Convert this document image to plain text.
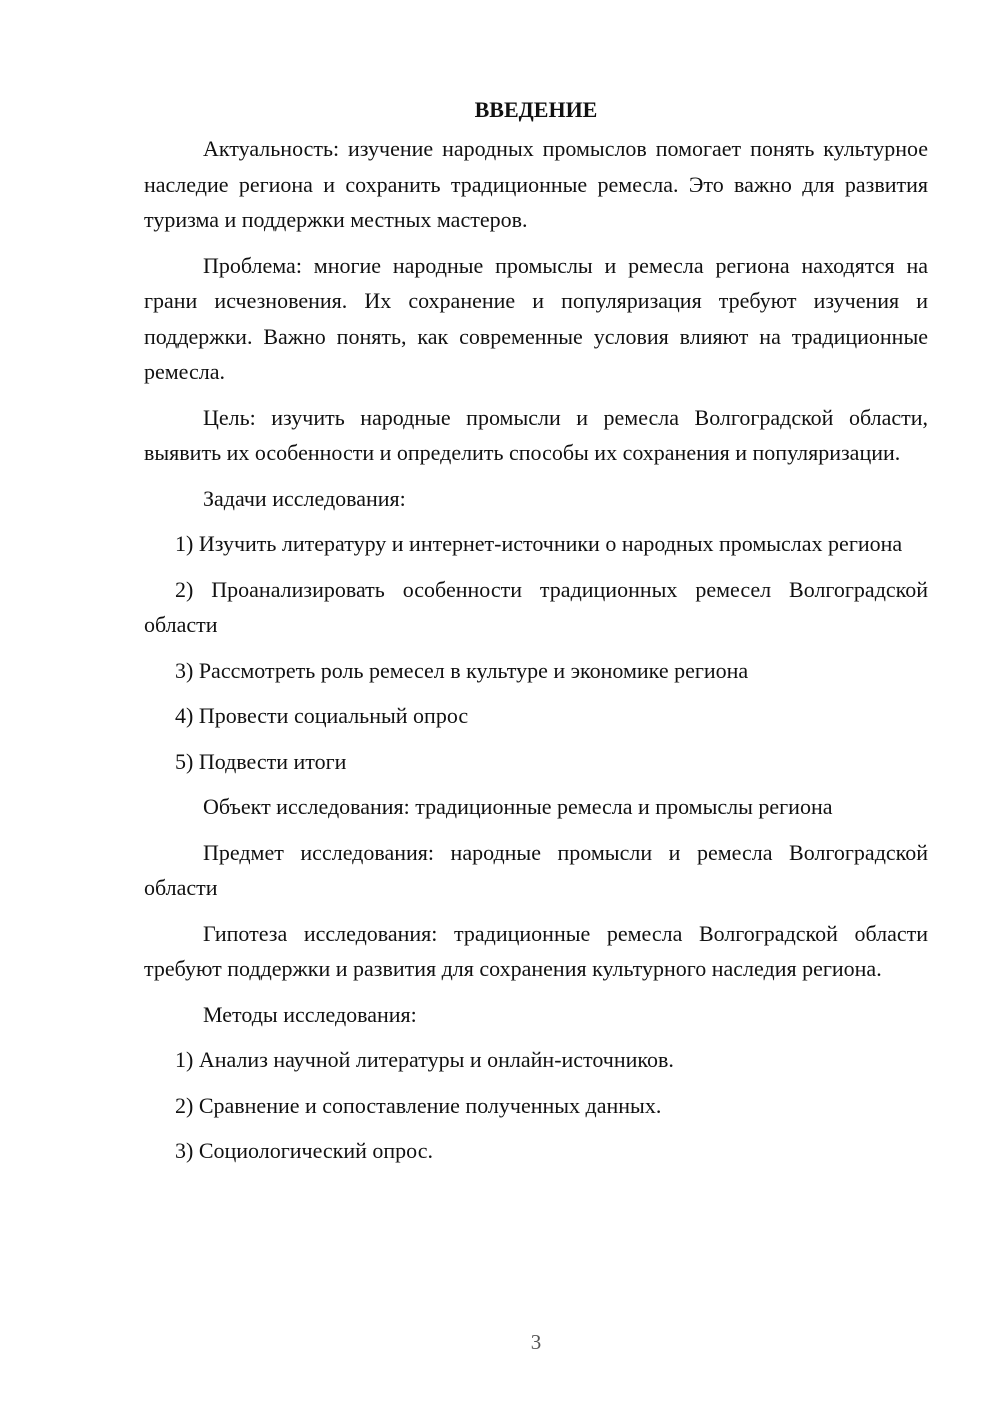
ВВЕДЕНИЕ

Актуальность: изучение народных промыслов помогает понять культурное наследие региона и сохранить традиционные ремесла. Это важно для развития туризма и поддержки местных мастеров.

Проблема: многие народные промыслы и ремесла региона находятся на грани исчезновения. Их сохранение и популяризация требуют изучения и поддержки. Важно понять, как современные условия влияют на традиционные ремесла.

Цель: изучить народные промысли и ремесла Волгоградской области, выявить их особенности и определить способы их сохранения и популяризации.

Задачи исследования:

1) Изучить литературу и интернет-источники о народных промыслах региона

2) Проанализировать особенности традиционных ремесел Волгоградской области

3) Рассмотреть роль ремесел в культуре и экономике региона

4) Провести социальный опрос

5) Подвести итоги

Объект исследования: традиционные ремесла и промыслы региона

Предмет исследования: народные промысли и ремесла Волгоградской области

Гипотеза исследования: традиционные ремесла Волгоградской области требуют поддержки и развития для сохранения культурного наследия региона.

Методы исследования:

1) Анализ научной литературы и онлайн-источников.

2) Сравнение и сопоставление полученных данных.

3) Социологический опрос.

3
